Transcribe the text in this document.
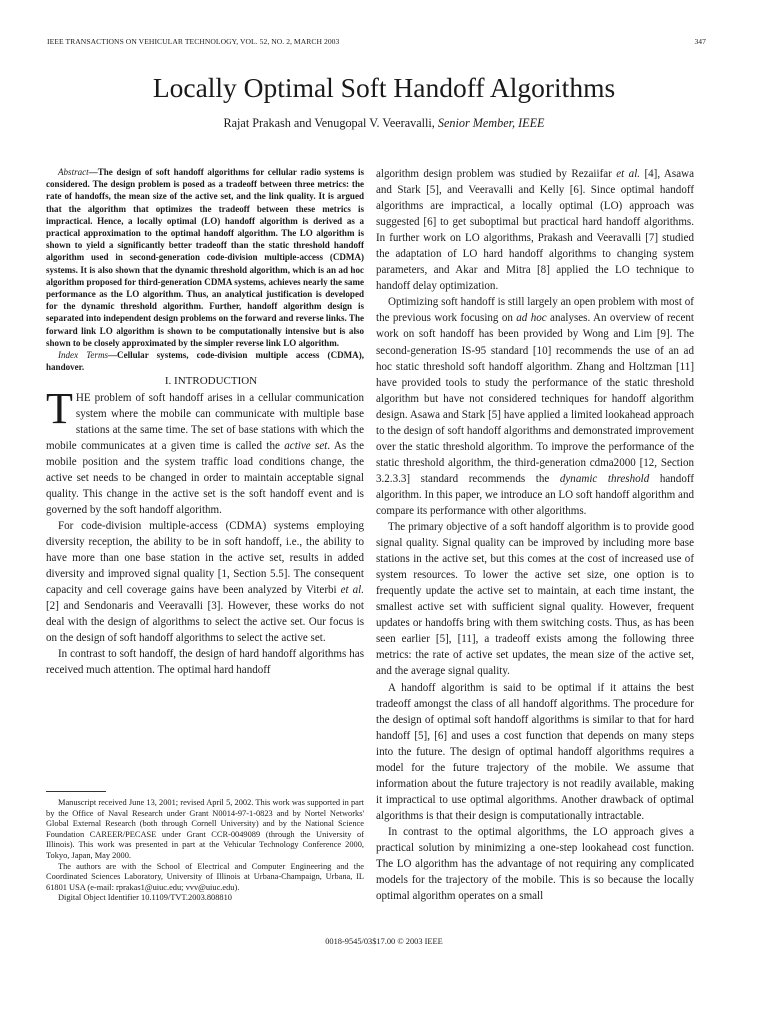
IEEE TRANSACTIONS ON VEHICULAR TECHNOLOGY, VOL. 52, NO. 2, MARCH 2003	347
Locally Optimal Soft Handoff Algorithms
Rajat Prakash and Venugopal V. Veeravalli, Senior Member, IEEE

Abstract—The design of soft handoff algorithms for cellular radio systems is considered. The design problem is posed as a tradeoff between three metrics: the rate of handoffs, the mean size of the active set, and the link quality. It is argued that the algorithm that optimizes the tradeoff between these metrics is impractical. Hence, a locally optimal (LO) handoff algorithm is derived as a practical approximation to the optimal handoff algorithm. The LO algorithm is shown to yield a significantly better tradeoff than the static threshold handoff algorithm used in second-generation code-division multiple-access (CDMA) systems. It is also shown that the dynamic threshold algorithm, which is an ad hoc algorithm proposed for third-generation CDMA systems, achieves nearly the same performance as the LO algorithm. Thus, an analytical justification is developed for the dynamic threshold algorithm. Further, handoff algorithm design is separated into independent design problems on the forward and reverse links. The forward link LO algorithm is shown to be computationally intensive but is also shown to be closely approximated by the simpler reverse link LO algorithm.

Index Terms—Cellular systems, code-division multiple access (CDMA), handover.

I. INTRODUCTION

THE problem of soft handoff arises in a cellular communication system where the mobile can communicate with multiple base stations at the same time. The set of base stations with which the mobile communicates at a given time is called the active set. As the mobile position and the system traffic load conditions change, the active set needs to be changed in order to maintain acceptable signal quality. This change in the active set is the soft handoff event and is governed by the soft handoff algorithm.

For code-division multiple-access (CDMA) systems employing diversity reception, the ability to be in soft handoff, i.e., the ability to have more than one base station in the active set, results in added diversity and improved signal quality [1, Section 5.5]. The consequent capacity and cell coverage gains have been analyzed by Viterbi et al. [2] and Sendonaris and Veeravalli [3]. However, these works do not deal with the design of algorithms to select the active set. Our focus is on the design of soft handoff algorithms to select the active set.

In contrast to soft handoff, the design of hard handoff algorithms has received much attention. The optimal hard handoff

Manuscript received June 13, 2001; revised April 5, 2002. This work was supported in part by the Office of Naval Research under Grant N0014-97-1-0823 and by Nortel Networks' Global External Research (both through Cornell University) and by the National Science Foundation CAREER/PECASE under Grant CCR-0049089 (through the University of Illinois). This work was presented in part at the Vehicular Technology Conference 2000, Tokyo, Japan, May 2000.

The authors are with the School of Electrical and Computer Engineering and the Coordinated Sciences Laboratory, University of Illinois at Urbana-Champaign, Urbana, IL 61801 USA (e-mail: rprakas1@uiuc.edu; vvv@uiuc.edu).

Digital Object Identifier 10.1109/TVT.2003.808810

algorithm design problem was studied by Rezaiifar et al. [4], Asawa and Stark [5], and Veeravalli and Kelly [6]. Since optimal handoff algorithms are impractical, a locally optimal (LO) approach was suggested [6] to get suboptimal but practical hard handoff algorithms. In further work on LO algorithms, Prakash and Veeravalli [7] studied the adaptation of LO hard handoff algorithms to changing system parameters, and Akar and Mitra [8] applied the LO technique to handoff delay optimization.

Optimizing soft handoff is still largely an open problem with most of the previous work focusing on ad hoc analyses. An overview of recent work on soft handoff has been provided by Wong and Lim [9]. The second-generation IS-95 standard [10] recommends the use of an ad hoc static threshold soft handoff algorithm. Zhang and Holtzman [11] have provided tools to study the performance of the static threshold algorithm but have not considered techniques for handoff algorithm design. Asawa and Stark [5] have applied a limited lookahead approach to the design of soft handoff algorithms and demonstrated improvement over the static threshold algorithm. To improve the performance of the static threshold algorithm, the third-generation cdma2000 [12, Section 3.2.3.3] standard recommends the dynamic threshold handoff algorithm. In this paper, we introduce an LO soft handoff algorithm and compare its performance with other algorithms.

The primary objective of a soft handoff algorithm is to provide good signal quality. Signal quality can be improved by including more base stations in the active set, but this comes at the cost of increased use of system resources. To lower the active set size, one option is to frequently update the active set to maintain, at each time instant, the smallest active set with sufficient signal quality. However, frequent updates or handoffs bring with them switching costs. Thus, as has been seen earlier [5], [11], a tradeoff exists among the following three metrics: the rate of active set updates, the mean size of the active set, and the average signal quality.

A handoff algorithm is said to be optimal if it attains the best tradeoff amongst the class of all handoff algorithms. The procedure for the design of optimal soft handoff algorithms is similar to that for hard handoff [5], [6] and uses a cost function that depends on many steps into the future. The design of optimal handoff algorithms requires a model for the future trajectory of the mobile. We assume that information about the future trajectory is not readily available, making it impractical to use optimal algorithms. Another drawback of optimal algorithms is that their design is computationally intractable.

In contrast to the optimal algorithms, the LO approach gives a practical solution by minimizing a one-step lookahead cost function. The LO algorithm has the advantage of not requiring any complicated models for the trajectory of the mobile. This is so because the locally optimal algorithm operates on a small

0018-9545/03$17.00 © 2003 IEEE
